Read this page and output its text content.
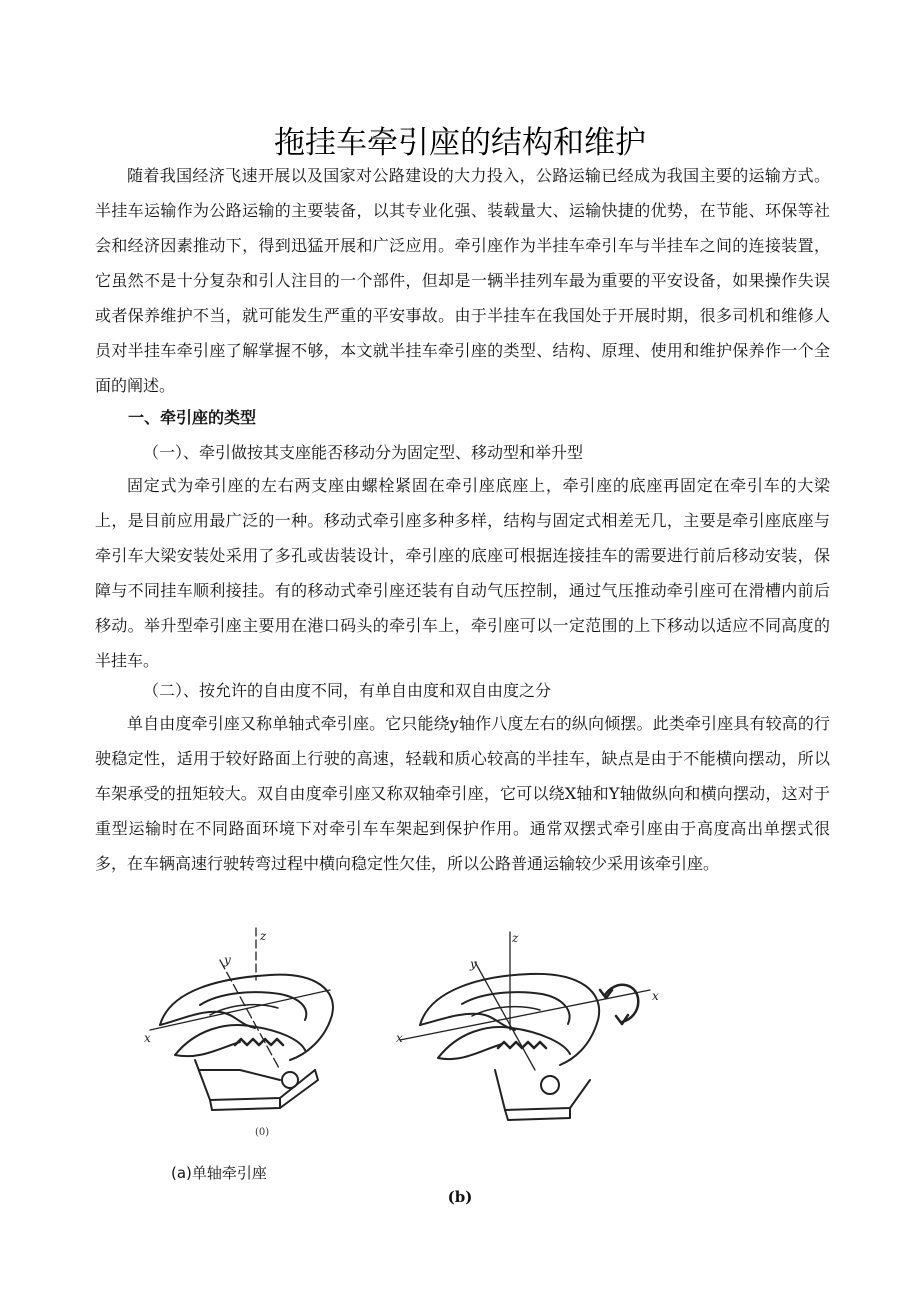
拖挂车牵引座的结构和维护

随着我国经济飞速开展以及国家对公路建设的大力投入，公路运输已经成为我国主要的运输方式。半挂车运输作为公路运输的主要装备，以其专业化强、装载量大、运输快捷的优势，在节能、环保等社会和经济因素推动下，得到迅猛开展和广泛应用。牵引座作为半挂车牵引车与半挂车之间的连接装置，它虽然不是十分复杂和引人注目的一个部件，但却是一辆半挂列车最为重要的平安设备，如果操作失误或者保养维护不当，就可能发生严重的平安事故。由于半挂车在我国处于开展时期，很多司机和维修人员对半挂车牵引座了解掌握不够，本文就半挂车牵引座的类型、结构、原理、使用和维护保养作一个全面的阐述。

一、牵引座的类型
（一）、牵引做按其支座能否移动分为固定型、移动型和举升型

固定式为牵引座的左右两支座由螺栓紧固在牵引座底座上，牵引座的底座再固定在牵引车的大梁上，是目前应用最广泛的一种。移动式牵引座多种多样，结构与固定式相差无几，主要是牵引座底座与牵引车大梁安装处采用了多孔或齿装设计，牵引座的底座可根据连接挂车的需要进行前后移动安装，保障与不同挂车顺利接挂。有的移动式牵引座还装有自动气压控制，通过气压推动牵引座可在滑槽内前后移动。举升型牵引座主要用在港口码头的牵引车上，牵引座可以一定范围的上下移动以适应不同高度的半挂车。

（二）、按允许的自由度不同，有单自由度和双自由度之分

单自由度牵引座又称单轴式牵引座。它只能绕y轴作八度左右的纵向倾摆。此类牵引座具有较高的行驶稳定性，适用于较好路面上行驶的高速，轻载和质心较高的半挂车，缺点是由于不能横向摆动，所以车架承受的扭矩较大。双自由度牵引座又称双轴牵引座，它可以绕X轴和Y轴做纵向和横向摆动，这对于重型运输时在不同路面环境下对牵引车车架起到保护作用。通常双摆式牵引座由于高度高出单摆式很多，在车辆高速行驶转弯过程中横向稳定性欠佳，所以公路普通运输较少采用该牵引座。

y
z
x
z
y
x
x
(0)
(a)单轴牵引座
(b)
